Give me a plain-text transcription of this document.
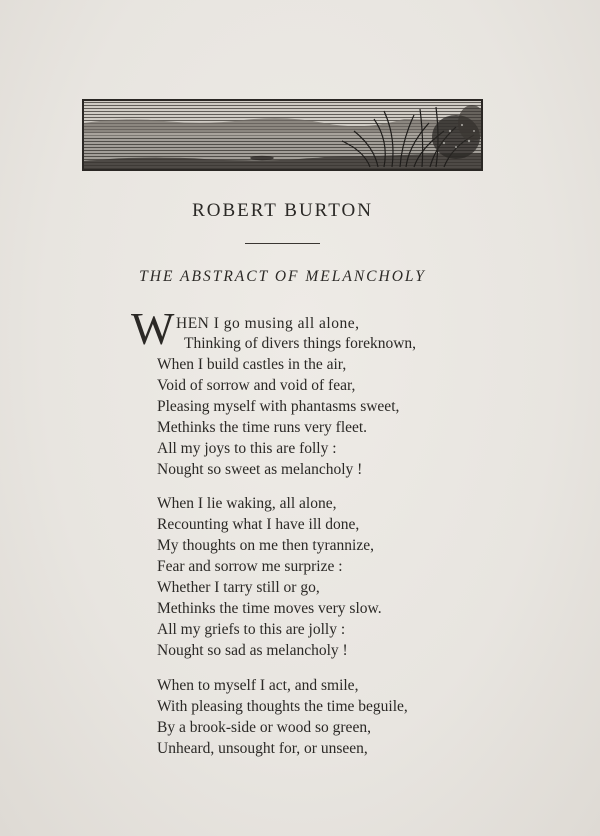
ROBERT BURTON
THE ABSTRACT OF MELANCHOLY
W HEN I go musing all alone,
Thinking of divers things foreknown,
When I build castles in the air,
Void of sorrow and void of fear,
Pleasing myself with phantasms sweet,
Methinks the time runs very fleet.
All my joys to this are folly :
Nought so sweet as melancholy !
When I lie waking, all alone,
Recounting what I have ill done,
My thoughts on me then tyrannize,
Fear and sorrow me surprize :
Whether I tarry still or go,
Methinks the time moves very slow.
All my griefs to this are jolly :
Nought so sad as melancholy !
When to myself I act, and smile,
With pleasing thoughts the time beguile,
By a brook-side or wood so green,
Unheard, unsought for, or unseen,
